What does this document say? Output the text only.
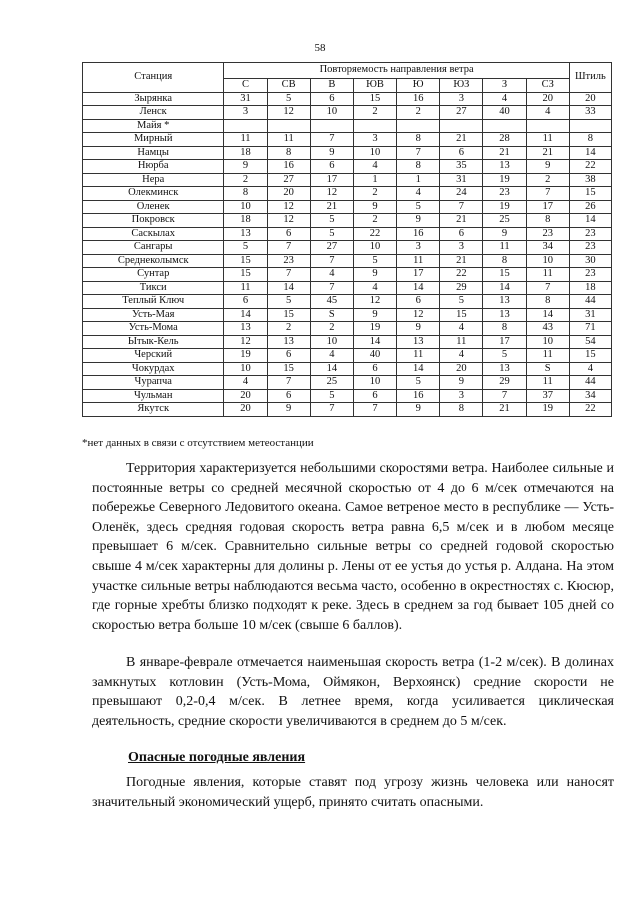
58
Станция	Повторяемость направления ветра								Штиль
	С	СВ	В	ЮВ	Ю	ЮЗ	З	СЗ	
Зырянка	31	5	6	15	16	3	4	20	20
Ленск	3	12	10	2	2	27	40	4	33
Майя *									
Мирный	11	11	7	3	8	21	28	11	8
Намцы	18	8	9	10	7	6	21	21	14
Нюрба	9	16	6	4	8	35	13	9	22
Нера	2	27	17	1	1	31	19	2	38
Олекминск	8	20	12	2	4	24	23	7	15
Оленек	10	12	21	9	5	7	19	17	26
Покровск	18	12	5	2	9	21	25	8	14
Саскылах	13	6	5	22	16	6	9	23	23
Сангары	5	7	27	10	3	3	11	34	23
Среднеколымск	15	23	7	5	11	21	8	10	30
Сунтар	15	7	4	9	17	22	15	11	23
Тикси	11	14	7	4	14	29	14	7	18
Теплый Ключ	6	5	45	12	6	5	13	8	44
Усть-Мая	14	15	S	9	12	15	13	14	31
Усть-Мома	13	2	2	19	9	4	8	43	71
Ытык-Кель	12	13	10	14	13	11	17	10	54
Черский	19	6	4	40	11	4	5	11	15
Чокурдах	10	15	14	6	14	20	13	S	4
Чурапча	4	7	25	10	5	9	29	11	44
Чульман	20	6	5	6	16	3	7	37	34
Якутск	20	9	7	7	9	8	21	19	22
*нет данных в связи с отсутствием метеостанции

Территория характеризуется небольшими скоростями ветра. Наиболее сильные и постоянные ветры со средней месячной скоростью от 4 до 6 м/сек отмечаются на побережье Северного Ледовитого океана. Самое ветреное место в республике — Усть-Оленёк, здесь средняя годовая скорость ветра равна 6,5 м/сек и в любом месяце превышает 6 м/сек. Сравнительно сильные ветры со средней годовой скоростью свыше 4 м/сек характерны для долины р. Лены от ее устья до устья р. Алдана. На этом участке сильные ветры наблюдаются весьма часто, особенно в окрестностях с. Кюсюр, где горные хребты близко подходят к реке. Здесь в среднем за год бывает 105 дней со скоростью ветра больше 10 м/сек (свыше 6 баллов).

В январе-феврале отмечается наименьшая скорость ветра (1-2 м/сек). В долинах замкнутых котловин (Усть-Мома, Оймякон, Верхоянск) средние скорости не превышают 0,2-0,4 м/сек. В летнее время, когда усиливается циклическая деятельность, средние скорости увеличиваются в среднем до 5 м/сек.

Опасные погодные явления

Погодные явления, которые ставят под угрозу жизнь человека или наносят значительный экономический ущерб, принято считать опасными.
